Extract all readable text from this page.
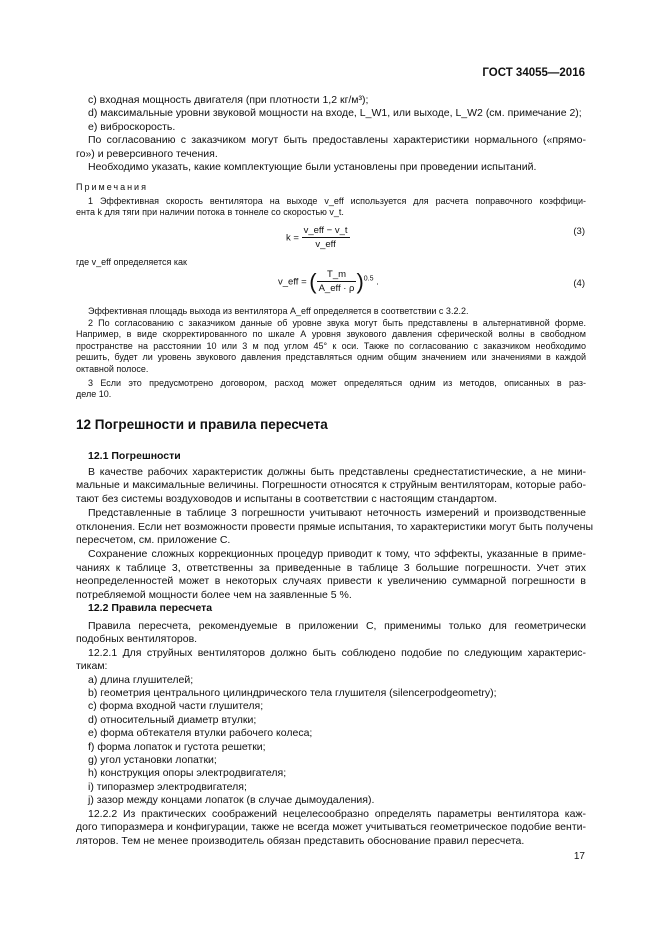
ГОСТ 34055—2016
с) входная мощность двигателя (при плотности 1,2 кг/м³);
d) максимальные уровни звуковой мощности на входе, L_W1, или выходе, L_W2 (см. примечание 2);
е) виброскорость.
По согласованию с заказчиком могут быть предоставлены характеристики нормального («прямо-
го») и реверсивного течения.
Необходимо указать, какие комплектующие были установлены при проведении испытаний.
Примечания
1 Эффективная скорость вентилятора на выходе v_eff используется для расчета поправочного коэффици-
ента k для тяги при наличии потока в тоннеле со скоростью v_t.
$k = \frac{\text{v\_eff − v\_t}}{\text{v\_eff}}$	(3)
где v_eff определяется как
v_eff = ( $\frac{T\_m}{\text{A\_eff · ρ}} )^{0.5}$ .	(4)
Эффективная площадь выхода из вентилятора A_eff определяется в соответствии с 3.2.2.
2 По согласованию с заказчиком данные об уровне звука могут быть представлены в альтернативной форме.
Например, в виде скорректированного по шкале А уровня звукового давления сферической волны в свободном
пространстве на расстоянии 10 или 3 м под углом 45° к оси. Также по согласованию с заказчиком необходимо
решить, будет ли уровень звукового давления представляться одним общим значением или значениями в каждой
октавной полосе.
3 Если это предусмотрено договором, расход может определяться одним из методов, описанных в раз-
деле 10.
12 Погрешности и правила пересчета
12.1 Погрешности
В качестве рабочих характеристик должны быть представлены среднестатистические, а не мини-
мальные и максимальные величины. Погрешности относятся к струйным вентиляторам, которые рабо-
тают без системы воздуховодов и испытаны в соответствии с настоящим стандартом.
Представленные в таблице 3 погрешности учитывают неточность измерений и производственные
отклонения. Если нет возможности провести прямые испытания, то характеристики могут быть получены
пересчетом, см. приложение С.
Сохранение сложных коррекционных процедур приводит к тому, что эффекты, указанные в приме-
чаниях к таблице 3, ответственны за приведенные в таблице 3 большие погрешности. Учет этих
неопределенностей может в некоторых случаях привести к увеличению суммарной погрешности в
потребляемой мощности более чем на заявленные 5 %.
12.2 Правила пересчета
Правила пересчета, рекомендуемые в приложении С, применимы только для геометрически
подобных вентиляторов.
12.2.1 Для струйных вентиляторов должно быть соблюдено подобие по следующим характерис-
тикам:
а) длина глушителей;
b) геометрия центрального цилиндрического тела глушителя (silencerpodgeometry);
с) форма входной части глушителя;
d) относительный диаметр втулки;
е) форма обтекателя втулки рабочего колеса;
f) форма лопаток и густота решетки;
g) угол установки лопатки;
h) конструкция опоры электродвигателя;
i) типоразмер электродвигателя;
j) зазор между концами лопаток (в случае дымоудаления).
12.2.2 Из практических соображений нецелесообразно определять параметры вентилятора каж-
дого типоразмера и конфигурации, также не всегда может учитываться геометрическое подобие венти-
ляторов. Тем не менее производитель обязан представить обоснование правил пересчета.
17
